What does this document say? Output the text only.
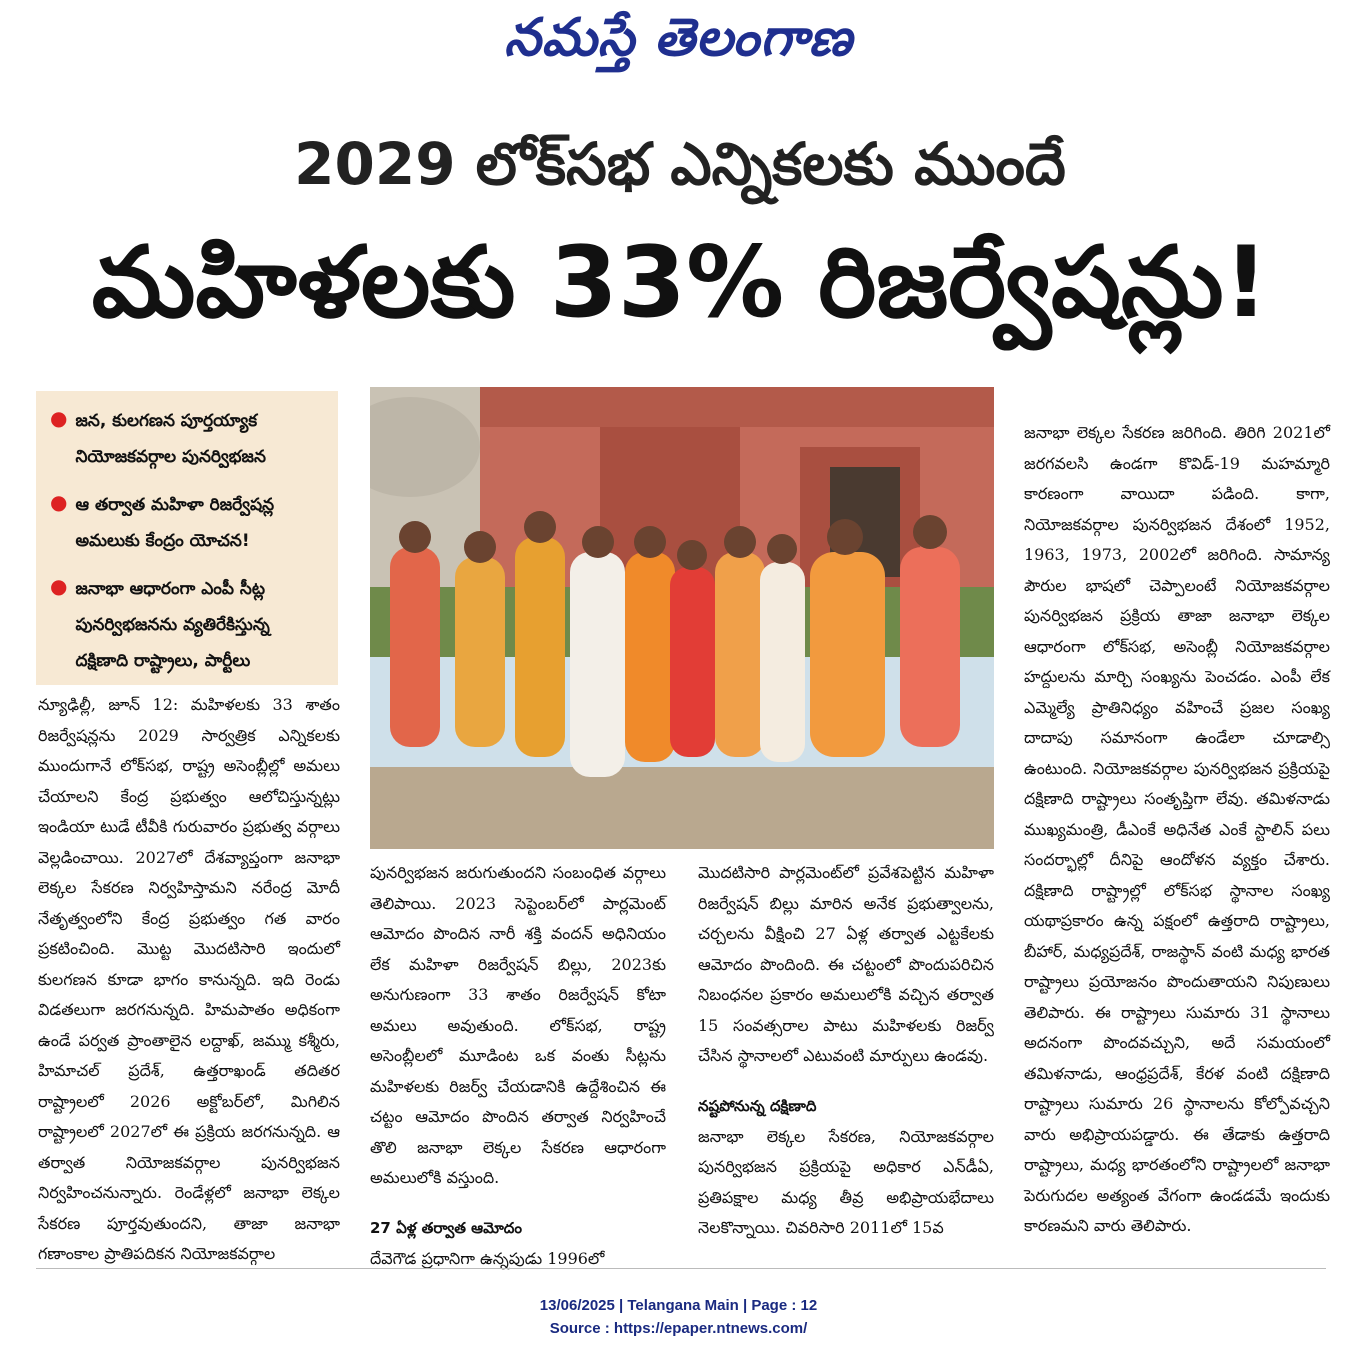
నమస్తే తెలంగాణ
2029 లోక్‌సభ ఎన్నికలకు ముందే
మహిళలకు 33% రిజర్వేషన్లు!
● జన, కులగణన పూర్తయ్యాక నియోజకవర్గాల పునర్విభజన
● ఆ తర్వాత మహిళా రిజర్వేషన్ల అమలుకు కేంద్రం యోచన!
● జనాభా ఆధారంగా ఎంపీ సీట్ల పునర్విభజనను వ్యతిరేకిస్తున్న దక్షిణాది రాష్ట్రాలు, పార్టీలు

న్యూఢిల్లీ, జూన్ 12: మహిళలకు 33 శాతం రిజర్వేషన్లను 2029 సార్వత్రిక ఎన్నికలకు ముందుగానే లోక్‌సభ, రాష్ట్ర అసెంబ్లీల్లో అమలు చేయాలని కేంద్ర ప్రభుత్వం ఆలోచిస్తున్నట్లు ఇండియా టుడే టీవీకి గురువారం ప్రభుత్వ వర్గాలు వెల్లడించాయి. 2027లో దేశవ్యాప్తంగా జనాభా లెక్కల సేకరణ నిర్వహిస్తామని నరేంద్ర మోదీ నేతృత్వంలోని కేంద్ర ప్రభుత్వం గత వారం ప్రకటించింది. మొట్ట మొదటిసారి ఇందులో కులగణన కూడా భాగం కానున్నది. ఇది రెండు విడతలుగా జరగనున్నది. హిమపాతం అధికంగా ఉండే పర్వత ప్రాంతాలైన లద్దాఖ్, జమ్ము కశ్మీరు, హిమాచల్ ప్రదేశ్, ఉత్తరాఖండ్ తదితర రాష్ట్రాలలో 2026 అక్టోబర్‌లో, మిగిలిన రాష్ట్రాలలో 2027లో ఈ ప్రక్రియ జరగనున్నది. ఆ తర్వాత నియోజకవర్గాల పునర్విభజన నిర్వహించనున్నారు. రెండేళ్లలో జనాభా లెక్కల సేకరణ పూర్తవుతుందని, తాజా జనాభా గణాంకాల ప్రాతిపదికన నియోజకవర్గాల

పునర్విభజన జరుగుతుందని సంబంధిత వర్గాలు తెలిపాయి. 2023 సెప్టెంబర్‌లో పార్లమెంట్ ఆమోదం పొందిన నారీ శక్తి వందన్ అధినియం లేక మహిళా రిజర్వేషన్ బిల్లు, 2023కు అనుగుణంగా 33 శాతం రిజర్వేషన్ కోటా అమలు అవుతుంది. లోక్‌సభ, రాష్ట్ర అసెంబ్లీలలో మూడింట ఒక వంతు సీట్లను మహిళలకు రిజర్వ్ చేయడానికి ఉద్దేశించిన ఈ చట్టం ఆమోదం పొందిన తర్వాత నిర్వహించే తొలి జనాభా లెక్కల సేకరణ ఆధారంగా అమలులోకి వస్తుంది.

27 ఏళ్ల తర్వాత ఆమోదం

దేవెగౌడ ప్రధానిగా ఉన్నపుడు 1996లో

మొదటిసారి పార్లమెంట్‌లో ప్రవేశపెట్టిన మహిళా రిజర్వేషన్ బిల్లు మారిన అనేక ప్రభుత్వాలను, చర్చలను వీక్షించి 27 ఏళ్ల తర్వాత ఎట్టకేలకు ఆమోదం పొందింది. ఈ చట్టంలో పొందుపరిచిన నిబంధనల ప్రకారం అమలులోకి వచ్చిన తర్వాత 15 సంవత్సరాల పాటు మహిళలకు రిజర్వ్ చేసిన స్థానాలలో ఎటువంటి మార్పులు ఉండవు.

నష్టపోనున్న దక్షిణాది

జనాభా లెక్కల సేకరణ, నియోజకవర్గాల పునర్విభజన ప్రక్రియపై అధికార ఎన్‌డీఏ, ప్రతిపక్షాల మధ్య తీవ్ర అభిప్రాయభేదాలు నెలకొన్నాయి. చివరిసారి 2011లో 15వ

జనాభా లెక్కల సేకరణ జరిగింది. తిరిగి 2021లో జరగవలసి ఉండగా కొవిడ్-19 మహమ్మారి కారణంగా వాయిదా పడింది. కాగా, నియోజకవర్గాల పునర్విభజన దేశంలో 1952, 1963, 1973, 2002లో జరిగింది. సామాన్య పౌరుల భాషలో చెప్పాలంటే నియోజకవర్గాల పునర్విభజన ప్రక్రియ తాజా జనాభా లెక్కల ఆధారంగా లోక్‌సభ, అసెంబ్లీ నియోజకవర్గాల హద్దులను మార్చి సంఖ్యను పెంచడం. ఎంపీ లేక ఎమ్మెల్యే ప్రాతినిధ్యం వహించే ప్రజల సంఖ్య దాదాపు సమానంగా ఉండేలా చూడాల్సి ఉంటుంది. నియోజకవర్గాల పునర్విభజన ప్రక్రియపై దక్షిణాది రాష్ట్రాలు సంతృప్తిగా లేవు. తమిళనాడు ముఖ్యమంత్రి, డీఎంకే అధినేత ఎంకే స్టాలిన్ పలు సందర్భాల్లో దీనిపై ఆందోళన వ్యక్తం చేశారు. దక్షిణాది రాష్ట్రాల్లో లోక్‌సభ స్థానాల సంఖ్య యథాప్రకారం ఉన్న పక్షంలో ఉత్తరాది రాష్ట్రాలు, బీహార్, మధ్యప్రదేశ్, రాజస్థాన్ వంటి మధ్య భారత రాష్ట్రాలు ప్రయోజనం పొందుతాయని నిపుణులు తెలిపారు. ఈ రాష్ట్రాలు సుమారు 31 స్థానాలు అదనంగా పొందవచ్చుని, అదే సమయంలో తమిళనాడు, ఆంధ్రప్రదేశ్, కేరళ వంటి దక్షిణాది రాష్ట్రాలు సుమారు 26 స్థానాలను కోల్పోవచ్చని వారు అభిప్రాయపడ్డారు. ఈ తేడాకు ఉత్తరాది రాష్ట్రాలు, మధ్య భారతంలోని రాష్ట్రాలలో జనాభా పెరుగుదల అత్యంత వేగంగా ఉండడమే ఇందుకు కారణమని వారు తెలిపారు.

13/06/2025 | Telangana Main | Page : 12
Source : https://epaper.ntnews.com/
